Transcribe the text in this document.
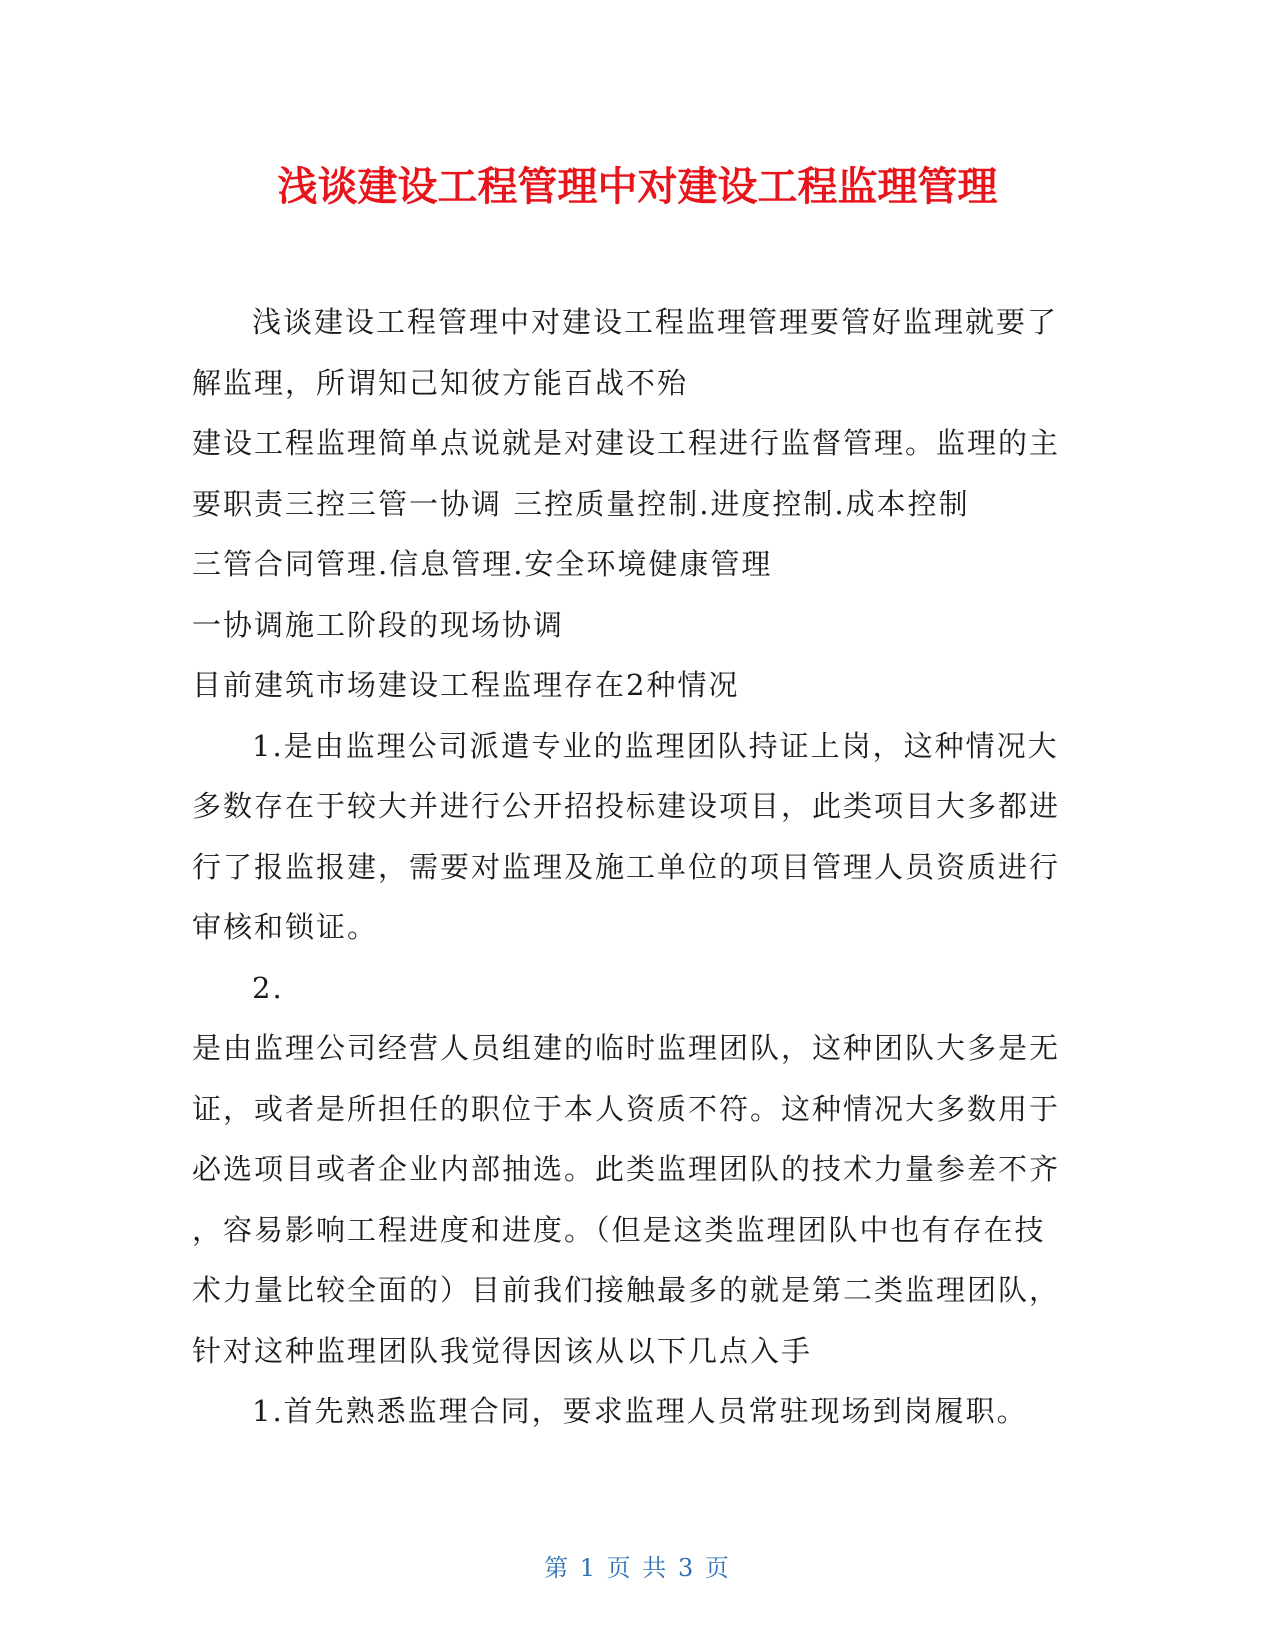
浅谈建设工程管理中对建设工程监理管理
浅谈建设工程管理中对建设工程监理管理要管好监理就要了
解监理，所谓知己知彼方能百战不殆
建设工程监理简单点说就是对建设工程进行监督管理。监理的主
要职责三控三管一协调 三控质量控制.进度控制.成本控制
三管合同管理.信息管理.安全环境健康管理
一协调施工阶段的现场协调
目前建筑市场建设工程监理存在2种情况
1.是由监理公司派遣专业的监理团队持证上岗，这种情况大
多数存在于较大并进行公开招投标建设项目，此类项目大多都进
行了报监报建，需要对监理及施工单位的项目管理人员资质进行
审核和锁证。
2.
是由监理公司经营人员组建的临时监理团队，这种团队大多是无
证，或者是所担任的职位于本人资质不符。这种情况大多数用于
必选项目或者企业内部抽选。此类监理团队的技术力量参差不齐
，容易影响工程进度和进度。（但是这类监理团队中也有存在技
术力量比较全面的）目前我们接触最多的就是第二类监理团队，
针对这种监理团队我觉得因该从以下几点入手
1.首先熟悉监理合同，要求监理人员常驻现场到岗履职。
第 1 页 共 3 页
